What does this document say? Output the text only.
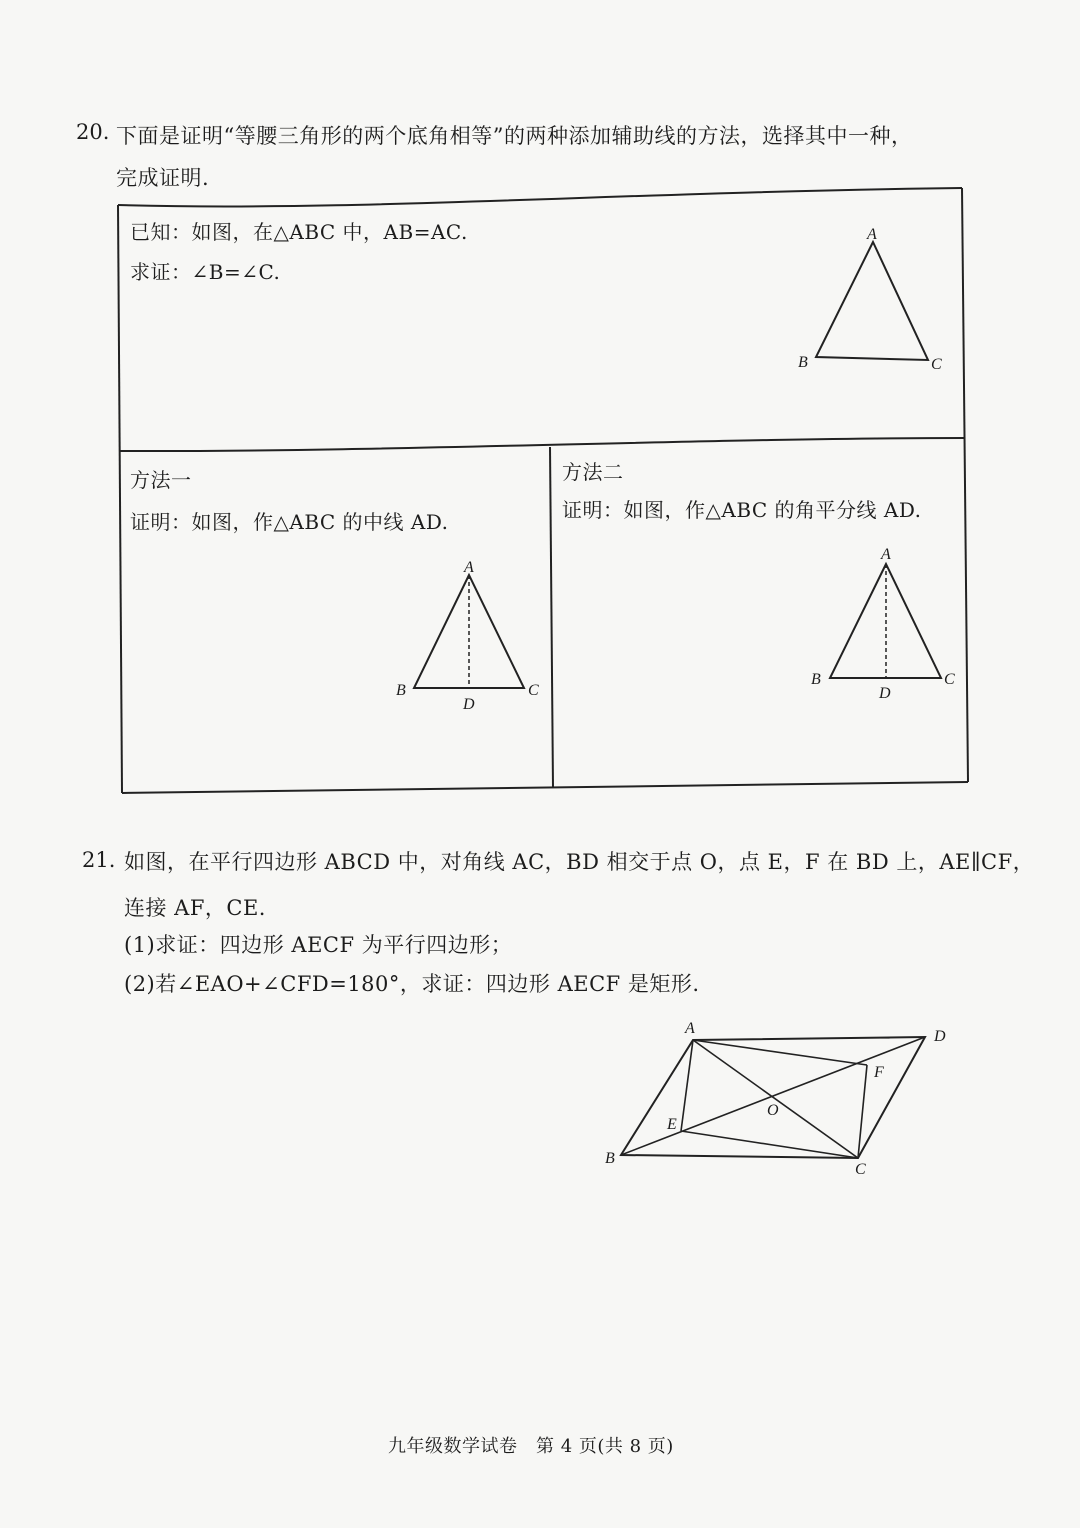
20. 下面是证明“等腰三角形的两个底角相等”的两种添加辅助线的方法，选择其中一种，
完成证明.
已知：如图，在△ABC 中，AB=AC.
求证：∠B=∠C.
A
B	C
方法一
证明：如图，作△ABC 的中线 AD.
A
B	C
D
方法二
证明：如图，作△ABC 的角平分线 AD.
A
B	C
D
21. 如图，在平行四边形 ABCD 中，对角线 AC，BD 相交于点 O，点 E，F 在 BD 上，AE∥CF，
连接 AF，CE.
(1)求证：四边形 AECF 为平行四边形；
(2)若∠EAO+∠CFD=180°，求证：四边形 AECF 是矩形.
A	D
F
O
E
B
C
九年级数学试卷　第 4 页(共 8 页)
